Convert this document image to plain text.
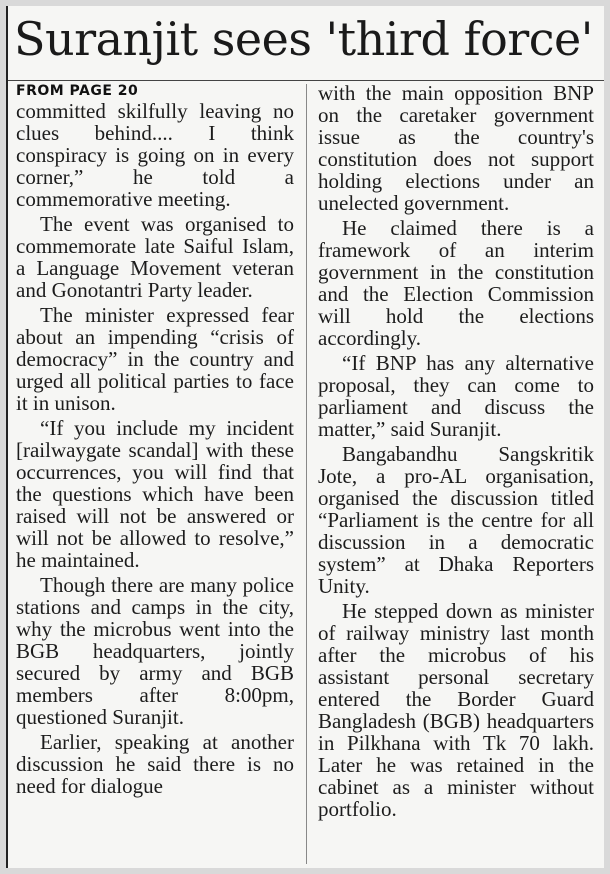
Suranjit sees 'third force'
FROM PAGE 20

committed skilfully leaving no clues behind.... I think conspiracy is going on in every corner,” he told a commemorative meeting.

The event was organised to commemorate late Saiful Islam, a Language Movement veteran and Gonotantri Party leader.

The minister expressed fear about an impending “crisis of democracy” in the country and urged all political parties to face it in unison.

“If you include my incident [railwaygate scandal] with these occurrences, you will find that the questions which have been raised will not be answered or will not be allowed to resolve,” he maintained.

Though there are many police stations and camps in the city, why the microbus went into the BGB headquarters, jointly secured by army and BGB members after 8:00pm, questioned Suranjit.

Earlier, speaking at another discussion he said there is no need for dialogue

with the main opposition BNP on the caretaker government issue as the country's constitution does not support holding elections under an unelected government.

He claimed there is a framework of an interim government in the constitution and the Election Commission will hold the elections accordingly.

“If BNP has any alternative proposal, they can come to parliament and discuss the matter,” said Suranjit.

Bangabandhu Sangskritik Jote, a pro-AL organisation, organised the discussion titled “Parliament is the centre for all discussion in a democratic system” at Dhaka Reporters Unity.

He stepped down as minister of railway ministry last month after the microbus of his assistant personal secretary entered the Border Guard Bangladesh (BGB) headquarters in Pilkhana with Tk 70 lakh. Later he was retained in the cabinet as a minister without portfolio.
